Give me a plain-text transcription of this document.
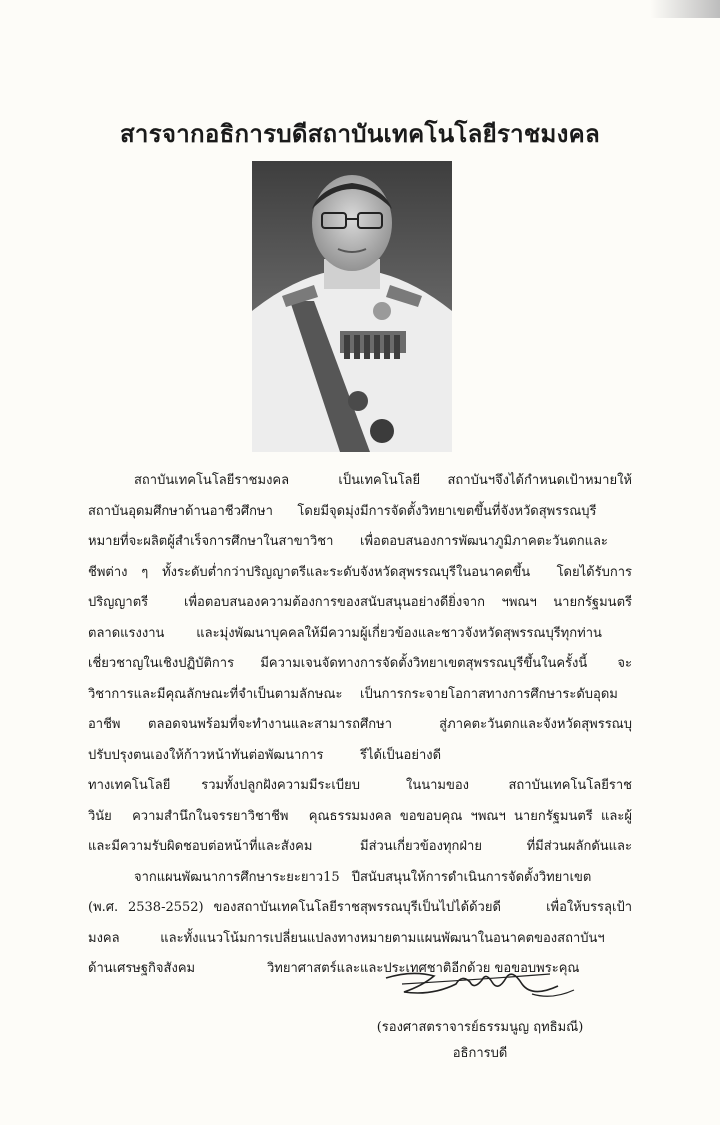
สารจากอธิการบดีสถาบันเทคโนโลยีราชมงคล

สถาบันเทคโนโลยีราชมงคล เป็น
สถาบันอุดมศึกษาด้านอาชีวศึกษา โดยมีจุดมุ่ง
หมายที่จะผลิตผู้สำเร็จการศึกษาในสาขาวิชา
ชีพต่าง ๆ ทั้งระดับต่ำกว่าปริญญาตรีและระดับ
ปริญญาตรี เพื่อตอบสนองความต้องการของ
ตลาดแรงงาน และมุ่งพัฒนาบุคคลให้มีความ
เชี่ยวชาญในเชิงปฏิบัติการ มีความเจนจัดทาง
วิชาการและมีคุณลักษณะที่จำเป็นตามลักษณะ
อาชีพ ตลอดจนพร้อมที่จะทำงานและสามารถ
ปรับปรุงตนเองให้ก้าวหน้าทันต่อพัฒนาการ
ทางเทคโนโลยี รวมทั้งปลูกฝังความมีระเบียบ
วินัย ความสำนึกในจรรยาวิชาชีพ คุณธรรม
และมีความรับผิดชอบต่อหน้าที่และสังคม

จากแผนพัฒนาการศึกษาระยะยาว15 ปี
(พ.ศ. 2538-2552) ของสถาบันเทคโนโลยีราช
มงคล และทั้งแนวโน้มการเปลี่ยนแปลงทาง
ด้านเศรษฐกิจสังคม วิทยาศาสตร์และ

เทคโนโลยี สถาบันฯจึงได้กำหนดเป้าหมายให้
มีการจัดตั้งวิทยาเขตขึ้นที่จังหวัดสุพรรณบุรี
เพื่อตอบสนองการพัฒนาภูมิภาคตะวันตกและ
จังหวัดสุพรรณบุรีในอนาคตขึ้น โดยได้รับการ
สนับสนุนอย่างดียิ่งจาก ฯพณฯ นายกรัฐมนตรี
ผู้เกี่ยวข้องและชาวจังหวัดสุพรรณบุรีทุกท่าน
การจัดตั้งวิทยาเขตสุพรรณบุรีขึ้นในครั้งนี้ จะ
เป็นการกระจายโอกาสทางการศึกษาระดับอุดม
ศึกษา สู่ภาคตะวันตกและจังหวัดสุพรรณบุ
รีได้เป็นอย่างดี

ในนามของ สถาบันเทคโนโลยีราช
มงคล ขอขอบคุณ ฯพณฯ นายกรัฐมนตรี และผู้
มีส่วนเกี่ยวข้องทุกฝ่าย ที่มีส่วนผลักดันและ
สนับสนุนให้การดำเนินการจัดตั้งวิทยาเขต
สุพรรณบุรีเป็นไปได้ด้วยดี เพื่อให้บรรลุเป้า
หมายตามแผนพัฒนาในอนาคตของสถาบันฯ
และประเทศชาติอีกด้วย ขอขอบพระคุณ

(รองศาสตราจารย์ธรรมนูญ ฤทธิมณี)
อธิการบดี
